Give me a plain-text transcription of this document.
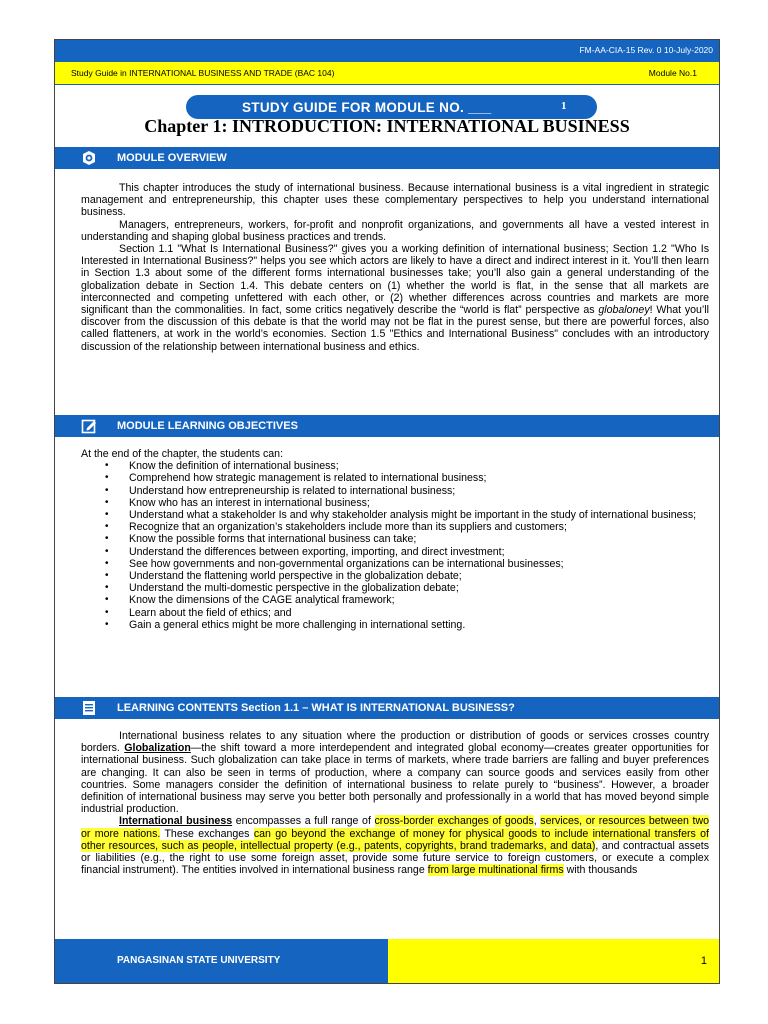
FM-AA-CIA-15 Rev. 0 10-July-2020
Study Guide in INTERNATIONAL BUSINESS AND TRADE (BAC 104)	Module No.1
STUDY GUIDE FOR MODULE NO. ___	1
Chapter 1: INTRODUCTION: INTERNATIONAL BUSINESS
MODULE OVERVIEW

This chapter introduces the study of international business. Because international business is a vital ingredient in strategic management and entrepreneurship, this chapter uses these complementary perspectives to help you understand international business.

Managers, entrepreneurs, workers, for-profit and nonprofit organizations, and governments all have a vested interest in understanding and shaping global business practices and trends.

Section 1.1 "What Is International Business?" gives you a working definition of international business; Section 1.2 "Who Is Interested in International Business?" helps you see which actors are likely to have a direct and indirect interest in it. You’ll then learn in Section 1.3 about some of the different forms international businesses take; you’ll also gain a general understanding of the globalization debate in Section 1.4. This debate centers on (1) whether the world is flat, in the sense that all markets are interconnected and competing unfettered with each other, or (2) whether differences across countries and markets are more significant than the commonalities. In fact, some critics negatively describe the “world is flat” perspective as globaloney! What you’ll discover from the discussion of this debate is that the world may not be flat in the purest sense, but there are powerful forces, also called flatteners, at work in the world’s economies. Section 1.5 "Ethics and International Business" concludes with an introductory discussion of the relationship between international business and ethics.

MODULE LEARNING OBJECTIVES
At the end of the chapter, the students can:
• Know the definition of international business;
• Comprehend how strategic management is related to international business;
• Understand how entrepreneurship is related to international business;
• Know who has an interest in international business;
• Understand what a stakeholder Is and why stakeholder analysis might be important in the study of international business;
• Recognize that an organization’s stakeholders include more than its suppliers and customers;
• Know the possible forms that international business can take;
• Understand the differences between exporting, importing, and direct investment;
• See how governments and non-governmental organizations can be international businesses;
• Understand the flattening world perspective in the globalization debate;
• Understand the multi-domestic perspective in the globalization debate;
• Know the dimensions of the CAGE analytical framework;
• Learn about the field of ethics; and
• Gain a general ethics might be more challenging in international setting.
LEARNING CONTENTS Section 1.1 – WHAT IS INTERNATIONAL BUSINESS?

International business relates to any situation where the production or distribution of goods or services crosses country borders. Globalization—the shift toward a more interdependent and integrated global economy—creates greater opportunities for international business. Such globalization can take place in terms of markets, where trade barriers are falling and buyer preferences are changing. It can also be seen in terms of production, where a company can source goods and services easily from other countries. Some managers consider the definition of international business to relate purely to “business”. However, a broader definition of international business may serve you better both personally and professionally in a world that has moved beyond simple industrial production.

International business encompasses a full range of cross-border exchanges of goods, services, or resources between two or more nations. These exchanges can go beyond the exchange of money for physical goods to include international transfers of other resources, such as people, intellectual property (e.g., patents, copyrights, brand trademarks, and data), and contractual assets or liabilities (e.g., the right to use some foreign asset, provide some future service to foreign customers, or execute a complex financial instrument). The entities involved in international business range from large multinational firms with thousands

PANGASINAN STATE UNIVERSITY	1
